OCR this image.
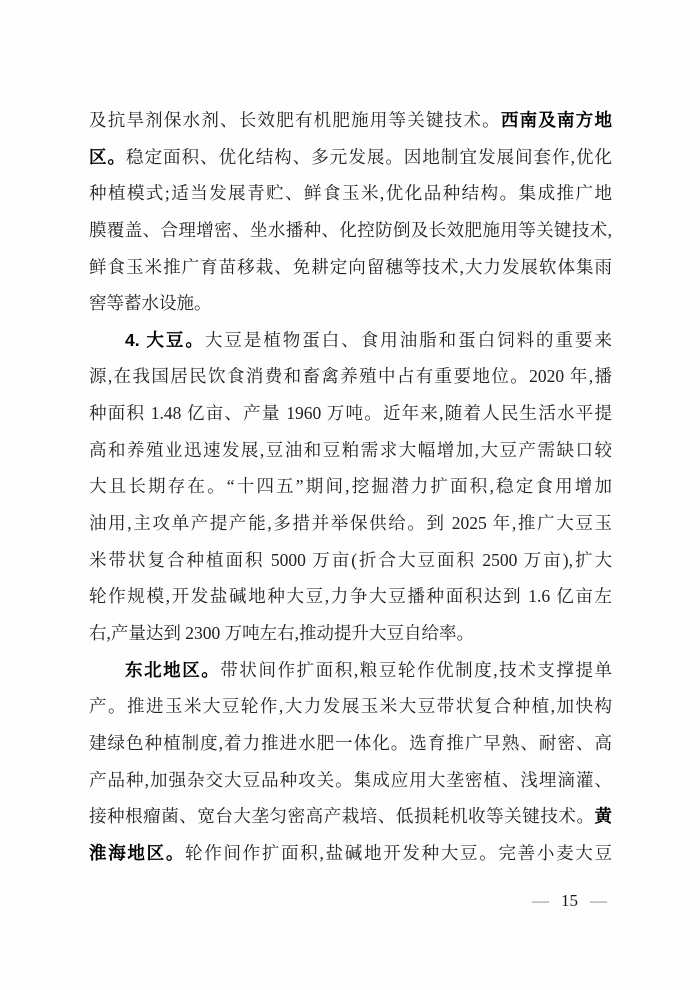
及抗旱剂保水剂、长效肥有机肥施用等关键技术。西南及南方地
区。稳定面积、优化结构、多元发展。因地制宜发展间套作,优化
种植模式;适当发展青贮、鲜食玉米,优化品种结构。集成推广地
膜覆盖、合理增密、坐水播种、化控防倒及长效肥施用等关键技术,
鲜食玉米推广育苗移栽、免耕定向留穗等技术,大力发展软体集雨
窖等蓄水设施。
4. 大豆。大豆是植物蛋白、食用油脂和蛋白饲料的重要来
源,在我国居民饮食消费和畜禽养殖中占有重要地位。2020 年,播
种面积 1.48 亿亩、产量 1960 万吨。近年来,随着人民生活水平提
高和养殖业迅速发展,豆油和豆粕需求大幅增加,大豆产需缺口较
大且长期存在。“十四五”期间,挖掘潜力扩面积,稳定食用增加
油用,主攻单产提产能,多措并举保供给。到 2025 年,推广大豆玉
米带状复合种植面积 5000 万亩(折合大豆面积 2500 万亩),扩大
轮作规模,开发盐碱地种大豆,力争大豆播种面积达到 1.6 亿亩左
右,产量达到 2300 万吨左右,推动提升大豆自给率。
东北地区。带状间作扩面积,粮豆轮作优制度,技术支撑提单
产。推进玉米大豆轮作,大力发展玉米大豆带状复合种植,加快构
建绿色种植制度,着力推进水肥一体化。选育推广早熟、耐密、高
产品种,加强杂交大豆品种攻关。集成应用大垄密植、浅埋滴灌、
接种根瘤菌、宽台大垄匀密高产栽培、低损耗机收等关键技术。黄
淮海地区。轮作间作扩面积,盐碱地开发种大豆。完善小麦大豆
— 15 —
